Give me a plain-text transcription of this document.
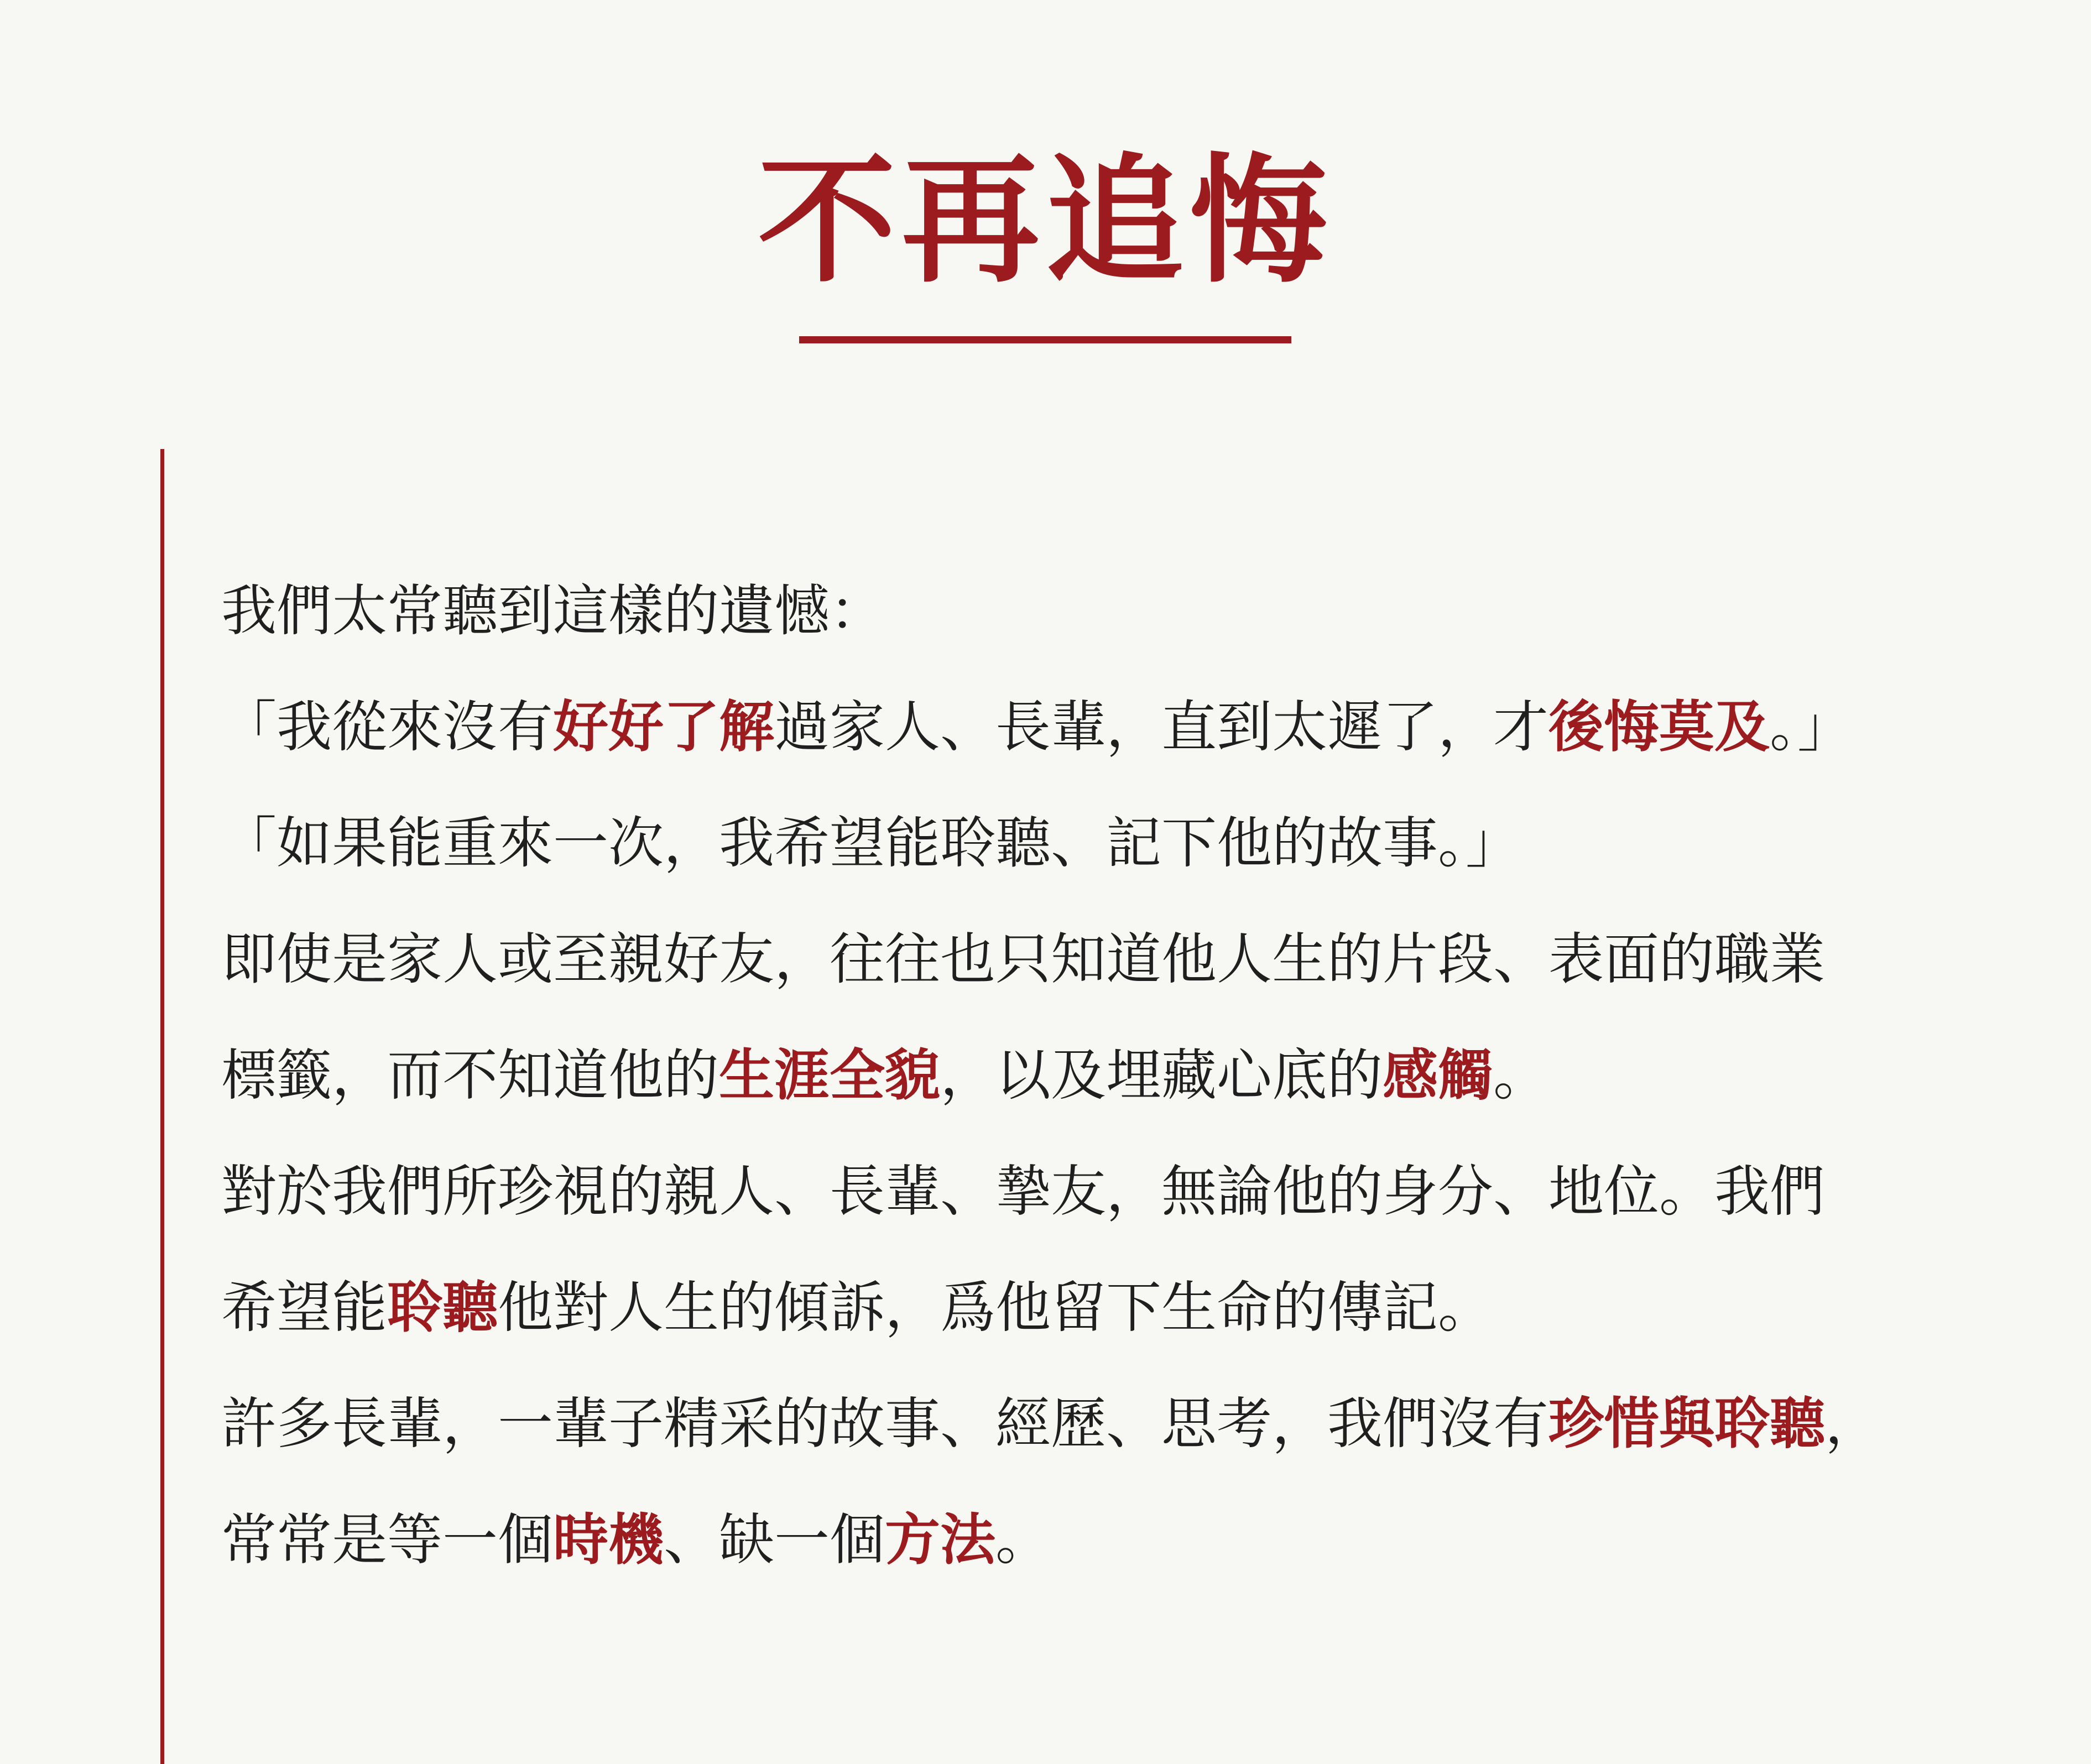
不再追悔
我們太常聽到這樣的遺憾：
「我從來沒有好好了解過家人、長輩，直到太遲了，才後悔莫及。」
「如果能重來一次，我希望能聆聽、記下他的故事。」
即使是家人或至親好友，往往也只知道他人生的片段、表面的職業
標籤，而不知道他的生涯全貌，以及埋藏心底的感觸。
對於我們所珍視的親人、長輩、摯友，無論他的身分、地位。我們
希望能聆聽他對人生的傾訴，爲他留下生命的傳記。
許多長輩，一輩子精采的故事、經歷、思考，我們沒有珍惜與聆聽，
常常是等一個時機、缺一個方法。
